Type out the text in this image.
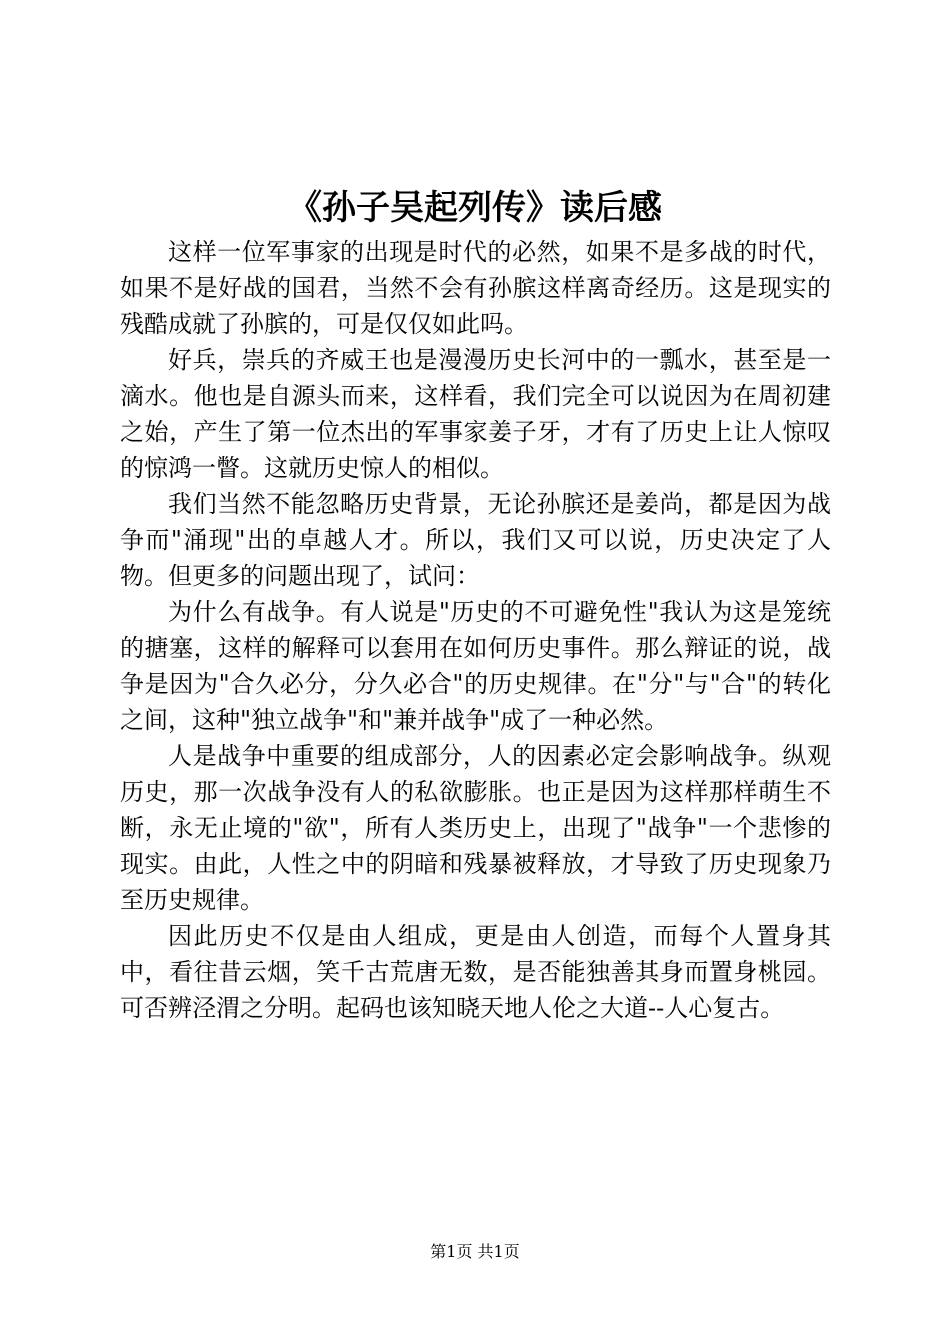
《孙子吴起列传》读后感

这样一位军事家的出现是时代的必然，如果不是多战的时代，如果不是好战的国君，当然不会有孙膑这样离奇经历。这是现实的残酷成就了孙膑的，可是仅仅如此吗。

好兵，崇兵的齐威王也是漫漫历史长河中的一瓢水，甚至是一滴水。他也是自源头而来，这样看，我们完全可以说因为在周初建之始，产生了第一位杰出的军事家姜子牙，才有了历史上让人惊叹的惊鸿一瞥。这就历史惊人的相似。

我们当然不能忽略历史背景，无论孙膑还是姜尚，都是因为战争而"涌现"出的卓越人才。所以，我们又可以说，历史决定了人物。但更多的问题出现了，试问：

为什么有战争。有人说是"历史的不可避免性"我认为这是笼统的搪塞，这样的解释可以套用在如何历史事件。那么辩证的说，战争是因为"合久必分，分久必合"的历史规律。在"分"与"合"的转化之间，这种"独立战争"和"兼并战争"成了一种必然。

人是战争中重要的组成部分，人的因素必定会影响战争。纵观历史，那一次战争没有人的私欲膨胀。也正是因为这样那样萌生不断，永无止境的"欲"，所有人类历史上，出现了"战争"一个悲惨的现实。由此，人性之中的阴暗和残暴被释放，才导致了历史现象乃至历史规律。

因此历史不仅是由人组成，更是由人创造，而每个人置身其中，看往昔云烟，笑千古荒唐无数，是否能独善其身而置身桃园。可否辨泾渭之分明。起码也该知晓天地人伦之大道--人心复古。

第1页 共1页
